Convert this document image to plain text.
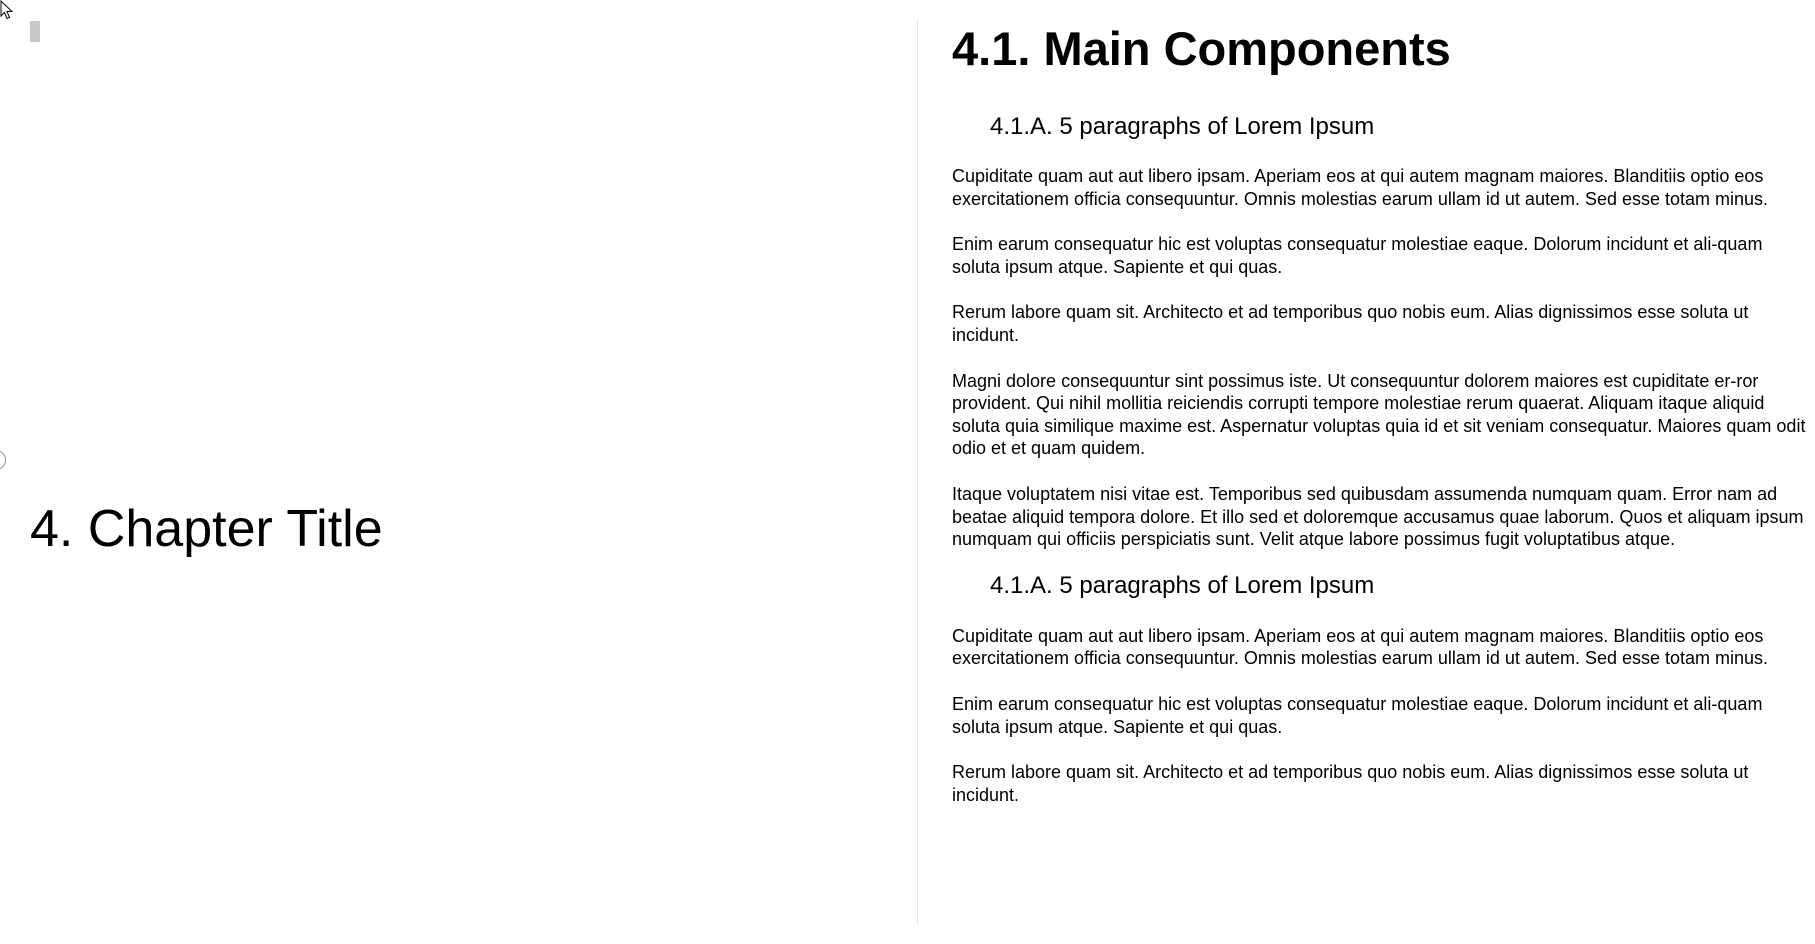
4. Chapter Title
4.1. Main Components
4.1.A. 5 paragraphs of Lorem Ipsum

Cupiditate quam aut aut libero ipsam. Aperiam eos at qui autem magnam maiores. Blanditiis optio eos exercitationem officia consequuntur. Omnis molestias earum ullam id ut autem. Sed esse totam minus.

Enim earum consequatur hic est voluptas consequatur molestiae eaque. Dolorum incidunt et ali-quam soluta ipsum atque. Sapiente et qui quas.

Rerum labore quam sit. Architecto et ad temporibus quo nobis eum. Alias dignissimos esse soluta ut incidunt.

Magni dolore consequuntur sint possimus iste. Ut consequuntur dolorem maiores est cupiditate er-ror provident. Qui nihil mollitia reiciendis corrupti tempore molestiae rerum quaerat. Aliquam itaque aliquid soluta quia similique maxime est. Aspernatur voluptas quia id et sit veniam consequatur. Maiores quam odit odio et et quam quidem.

Itaque voluptatem nisi vitae est. Temporibus sed quibusdam assumenda numquam quam. Error nam ad beatae aliquid tempora dolore. Et illo sed et doloremque accusamus quae laborum. Quos et aliquam ipsum numquam qui officiis perspiciatis sunt. Velit atque labore possimus fugit voluptatibus atque.

4.1.A. 5 paragraphs of Lorem Ipsum

Cupiditate quam aut aut libero ipsam. Aperiam eos at qui autem magnam maiores. Blanditiis optio eos exercitationem officia consequuntur. Omnis molestias earum ullam id ut autem. Sed esse totam minus.

Enim earum consequatur hic est voluptas consequatur molestiae eaque. Dolorum incidunt et ali-quam soluta ipsum atque. Sapiente et qui quas.

Rerum labore quam sit. Architecto et ad temporibus quo nobis eum. Alias dignissimos esse soluta ut incidunt.
